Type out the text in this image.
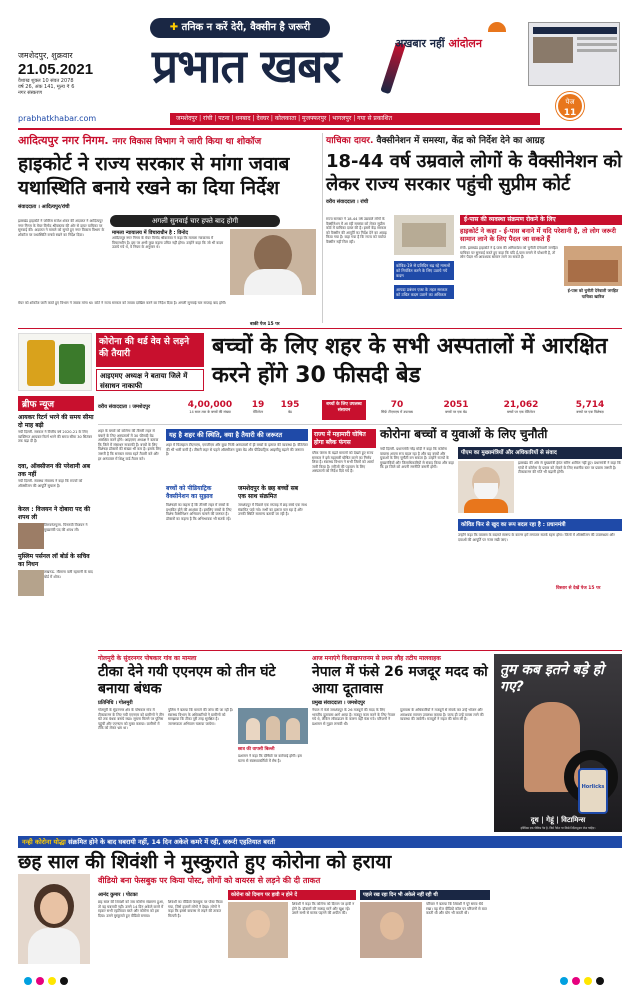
✚ तनिक न करें देरी, वैक्सीन है जरूरी
जमशेदपुर, शुक्रवार
21.05.2021
वैशाख शुक्ल 10 संवत 2078
वर्ष 26, अंक 141, मूल्य ₹ 6
नगर संस्करण	प्रभात खबर	अखबार नहीं आंदोलन
पेज
11
prabhatkhabar.com	जमशेदपुर | रांची | पटना | धनबाद | देवघर | कोलकाता | मुजफ्फरपुर | भागलपुर | गया से प्रकाशित
आदित्यपुर नगर निगम. नगर विकास विभाग ने जारी किया था शोकॉज
हाइकोर्ट ने राज्य सरकार से मांगा जवाब यथास्थिति बनाये रखने का दिया निर्देश
संवाददाता । आदित्यपुर/रांची
अगली सुनवाई चार हफ्ते बाद होगी
झारखंड हाइकोर्ट ने जस्टिस राजेश शंकर की अदालत ने आदित्यपुर नगर निगम के मेयर विनोद श्रीवास्तव की ओर से दायर याचिका पर सुनवाई की। अदालत ने मामले को सुनते हुए नगर विकास विभाग के शोकॉज पर यथास्थिति बनाये रखने का निर्देश दिया।	मामला न्यायालय में विचाराधीन है : विनोद
आदित्यपुर नगर निगम के मेयर विनोद श्रीवास्तव ने कहा कि मामला न्यायालय में विचाराधीन है। इस पर अभी कुछ कहना उचित नहीं होगा। उन्होंने कहा कि जो भी कदम उठाये गये थे, वे नियम के अनुसार थे।
मेयर को शोकॉज जारी करते हुए विभाग ने जवाब मांगा था। कोर्ट ने राज्य सरकार को जवाब दाखिल करने का निर्देश दिया है। अगली सुनवाई चार सप्ताह बाद होगी।
बाकी पेज 15 पर
याचिका दायर. वैक्सीनेशन में समस्या, केंद्र को निर्देश देने का आग्रह
18-44 वर्ष उम्रवाले लोगों के वैक्सीनेशन को लेकर राज्य सरकार पहुंची सुप्रीम कोर्ट
वरीय संवाददाता । रांची
राज्य सरकार ने 18-44 वर्ष उम्रवाले लोगों के वैक्सीनेशन में आ रही समस्या को लेकर सुप्रीम कोर्ट में याचिका दायर की है। इसमें केंद्र सरकार को वैक्सीन की आपूर्ति का निर्देश देने का आग्रह किया गया है। कहा गया है कि राज्य को पर्याप्त वैक्सीन नहीं मिल रही।
कोविड-19 से प्रतिदिन बढ़ रहे मामलों को नियंत्रित करने के लिए उठाये गये कदम
आपदा प्रबंधन एक्ट के तहत सरकार को उचित कदम उठाने का अधिकार
ई-पास की व्यवस्था संक्रमण रोकने के लिए
हाइकोर्ट ने कहा - ई-पास बनाने में यदि परेशानी है, तो लोग जरूरी सामान लाने के लिए पैदल जा सकते हैं
रांची. झारखंड हाइकोर्ट ने ई-पास की अनिवार्यता को चुनौती देनेवाली जनहित याचिका पर सुनवाई करते हुए कहा कि यदि ई-पास बनाने में परेशानी है, तो लोग पैदल भी आवश्यक सामान लाने जा सकते हैं।
ई-पास को चुनौती देनेवाली जनहित याचिका खारिज
कोरोना की थर्ड वेव से लड़ने की तैयारी
आइएमए अध्यक्ष ने बताया जिले में संसाधन नाकाफी
बच्चों के लिए शहर के सभी अस्पतालों में आरक्षित करने होंगे 30 फीसदी बेड
ब्रीफ न्यूज
आयकर रिटर्न भरने की समय सीमा दो माह बढ़ी
नयी दिल्ली. सरकार ने वित्तीय वर्ष 2020-21 के लिए व्यक्तिगत आयकर रिटर्न भरने की समय सीमा 30 सितंबर तक बढ़ा दी है।
दवा, ऑक्सीजन की परेशानी अब तक नहीं
नयी दिल्ली. स्वास्थ्य मंत्रालय ने कहा कि राज्यों को ऑक्सीजन की आपूर्ति सुचारू है।
केरल : विजयन ने दोबारा पद की शपथ ली
तिरुवनंतपुरम. पिनरायी विजयन ने मुख्यमंत्री पद की शपथ ली।
मुस्लिम पर्सनल लॉ बोर्ड के सचिव का निधन
लखनऊ. मौलाना वली रहमानी के बाद बोर्ड में शोक।
वरीय संवाददाता । जमशेदपुर	4,00,000
14 साल तक के बच्चों की संख्या
19
वेंटिलेटर
195
बेड
बच्चों के लिए उपलब्ध संसाधन
70
सिर्फ़ टीएमएच में उपलब्ध
2051
बच्चों पर एक बेड
21,062
बच्चों पर एक वेंटिलेटर
5,714
बच्चों पर एक विशेषज्ञ
शहर के बच्चों को कोरोना की तीसरी लहर से बचाने के लिए अस्पतालों में 30 फीसदी बेड आरक्षित करने होंगे। आइएमए अध्यक्ष ने बताया कि जिले में संसाधन नाकाफी हैं। बच्चों के लिए विशेषज्ञ डॉक्टरों की संख्या भी कम है। इसके लिए जरूरी है कि सरकार समय रहते तैयारी करे और हर अस्पताल में शिशु वार्ड तैयार करे।
यह है शहर की स्थिति, क्या है तैयारी की जरूरत
शहर में फिलहाल टीएमएच, एमजीएम और कुछ निजी अस्पतालों में ही बच्चों के इलाज की व्यवस्था है। वेंटिलेटर की भी भारी कमी है। तीसरी लहर से पहले ऑक्सीजन युक्त बेड और पीडियाट्रिक आइसीयू बढ़ाने की जरूरत है।
बच्चों को पीडियाट्रिक वैक्सीनेशन का सुझाव
विशेषज्ञों का कहना है कि तीसरी लहर में बच्चों के प्रभावित होने की आशंका है। इसलिए बच्चों के लिए विशेष वैक्सीनेशन अभियान चलाने की जरूरत है। डॉक्टरों का कहना है कि अभिभावक भी सतर्क रहें।
जमशेदपुर के छह बच्चों सब एक साथ संक्रमित
जमशेदपुर में पिछले एक सप्ताह में छह बच्चे एक साथ संक्रमित पाये गये। सभी का इलाज चल रहा है और उनकी स्थिति सामान्य बतायी जा रही है।
राज्य में महामारी घोषित होगा ब्लैक फंगस
ब्लैक फंगस के बढ़ते मामलों को देखते हुए राज्य सरकार ने इसे महामारी घोषित करने का निर्णय लिया है। स्वास्थ्य विभाग ने सभी जिलों को अलर्ट जारी किया है। मरीजों की पहचान के लिए अस्पतालों को निर्देश दिये गये हैं।
कोरोना बच्चों व युवाओं के लिए चुनौती
नयी दिल्ली. प्रधानमंत्री नरेंद्र मोदी ने कहा कि कोरोना वायरस अपना रूप बदल रहा है और यह बच्चों और युवाओं के लिए चुनौती बन सकता है। उन्होंने राज्यों के मुख्यमंत्रियों और जिलाधिकारियों से संवाद किया और कहा कि हर जिले को अपनी रणनीति बनानी होगी।
पीएम का मुख्यमंत्रियों और अधिकारियों से संवाद
झारखंड की ओर से मुख्यमंत्री हेमंत सोरेन शामिल नहीं हुए। प्रधानमंत्री ने कहा कि गांवों में कोरोना के प्रसार को रोकने के लिए स्थानीय स्तर पर प्रयास जरूरी है। टीकाकरण की गति भी बढ़ानी होगी।
कोविड फिर से खुद का रूप बदल रहा है : प्रधानमंत्री
उन्होंने कहा कि वायरस के बदलते स्वरूप के कारण हमें लगातार सतर्क रहना होगा। जिलों में ऑक्सीजन की उपलब्धता और दवाओं की आपूर्ति पर नजर रखी जाए।
विस्तार से देखें पेज 15 पर
गोलमुरी के सुंदरनगर पोषकार गांव का मामला
टीका देने गयी एएनएम को तीन घंटे बनाया बंधक
प्रतिनिधि । गोलमुरी
गोलमुरी के सुंदरनगर क्षेत्र के पोषकार गांव में टीकाकरण के लिए गयी एएनएम को ग्रामीणों ने तीन घंटे तक बंधक बनाये रखा। सूचना मिलने पर पुलिस पहुंची और एएनएम को मुक्त कराया। ग्रामीणों में टीके को लेकर भ्रम था।
पुलिस ने बताया कि मामले की जांच की जा रही है। स्वास्थ्य विभाग के अधिकारियों ने ग्रामीणों को समझाया कि टीका पूरी तरह सुरक्षित है। जागरूकता अभियान चलाया जायेगा।
छात्र की वापसी बिल्ली
प्रशासन ने कहा कि दोषियों पर कार्रवाई होगी। इस घटना से स्वास्थ्यकर्मियों में रोष है।
आज मनाएंगे विशाखापत्तनम से प्रथम लौह तटीय मालवाहक
नेपाल में फंसे 26 मजदूर मदद को आया दूतावास
प्रमुख संवाददाता । जमशेदपुर
नेपाल में फंसे जमशेदपुर के 26 मजदूरों की मदद के लिए भारतीय दूतावास आगे आया है। मजदूर काम करने के लिए नेपाल गये थे, लेकिन लॉकडाउन के कारण वहीं फंस गये। परिजनों ने प्रशासन से गुहार लगायी थी।
दूतावास के अधिकारियों ने मजदूरों से संपर्क कर उन्हें भोजन और आवश्यक सामान उपलब्ध कराया है। जल्द ही उन्हें वापस लाने की व्यवस्था की जायेगी। मजदूरों ने राहत की सांस ली है।
तुम कब इतने बड़े हो गए?
Horlicks
दूध | गेहूं | विटामिन्स
हॉर्लिक्स एक पौष्टिक पेय है, जिसे पैकेट पर लिखे निर्देशानुसार लेना चाहिए।
नन्ही कोरोना योद्धा संक्रमित होने के बाद घबरायी नहीं, 14 दिन अकेले कमरे में रही, जरूरी एहतियात बरती
छह साल की शिवंशी ने मुस्कुराते हुए कोरोना को हराया
वीडियो बना फेसबुक पर किया पोस्ट, लोगों को वायरस से लड़ने की दी ताकत
आनंद कुमार । पोटका
छह साल की शिवंशी को जब कोरोना संक्रमण हुआ, तो वह घबरायी नहीं। उसने 14 दिन अकेले कमरे में रहकर सभी एहतियात बरते और कोरोना को हरा दिया। उसने मुस्कुराते हुए वीडियो बनाया।
शिवंशी का वीडियो फेसबुक पर पोस्ट किया गया, जिसे हजारों लोगों ने देखा। लोगों ने कहा कि इससे वायरस से लड़ने की ताकत मिलती है।
कोरोना को दिमाग पर हावी न होने दें
शिवंशी ने कहा कि कोरोना को दिमाग पर हावी न होने दें। डॉक्टरों की सलाह मानें और खुश रहें। उसने सभी से मास्क पहनने की अपील की।
पहले रख रहा दिन भी अकेले नहीं रही थी
परिवार ने बताया कि शिवंशी ने पूरे समय धैर्य रखा। वह रोज वीडियो कॉल पर परिजनों से बात करती थी और योग भी करती थी।
